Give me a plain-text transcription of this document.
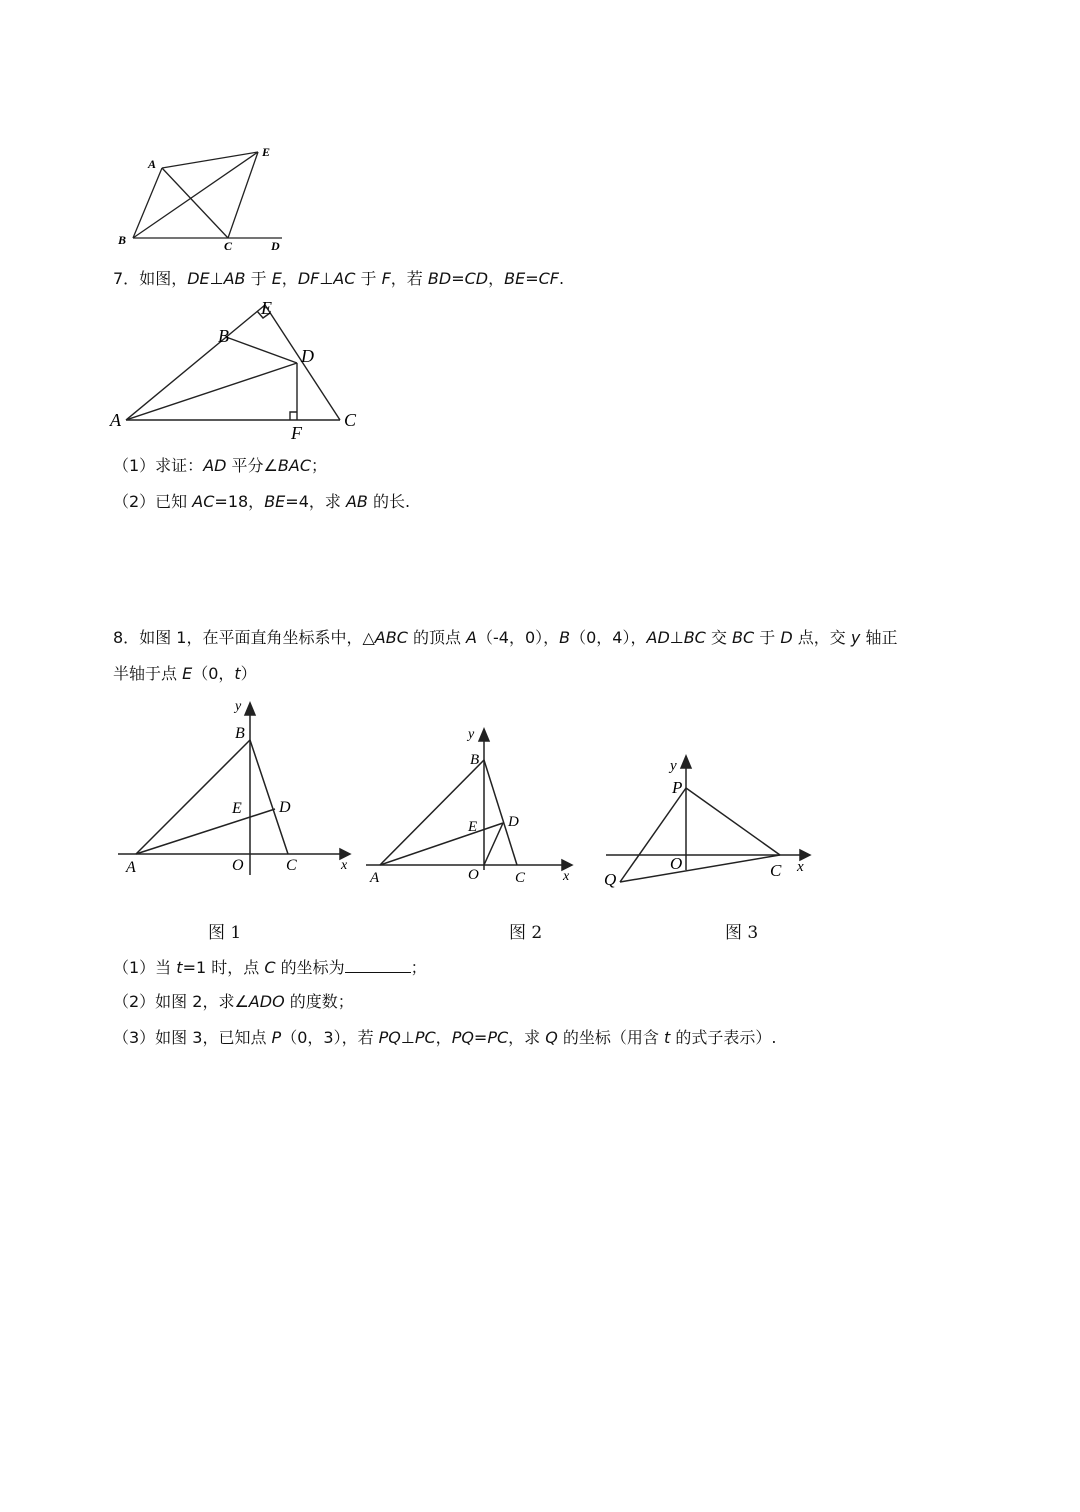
A
E
B	C	D
7．如图，DE⊥AB 于 E，DF⊥AC 于 F，若 BD=CD，BE=CF.
E
B
D
A	C
F
（1）求证：AD 平分∠BAC；
（2）已知 AC=18，BE=4，求 AB 的长.
8．如图 1，在平面直角坐标系中，△ABC 的顶点 A（-4，0），B（0，4），AD⊥BC 交 BC 于 D 点，交 y 轴正
半轴于点 E（0，t）
y
B
E D
A	O	C	x
图 1
y
B
E D
A	O C	x
图 2
y
P
O
Q	C x
图 3
（1）当 t=1 时，点 C 的坐标为	；
（2）如图 2，求∠ADO 的度数；
（3）如图 3，已知点 P（0，3），若 PQ⊥PC，PQ=PC，求 Q 的坐标（用含 t 的式子表示）.
